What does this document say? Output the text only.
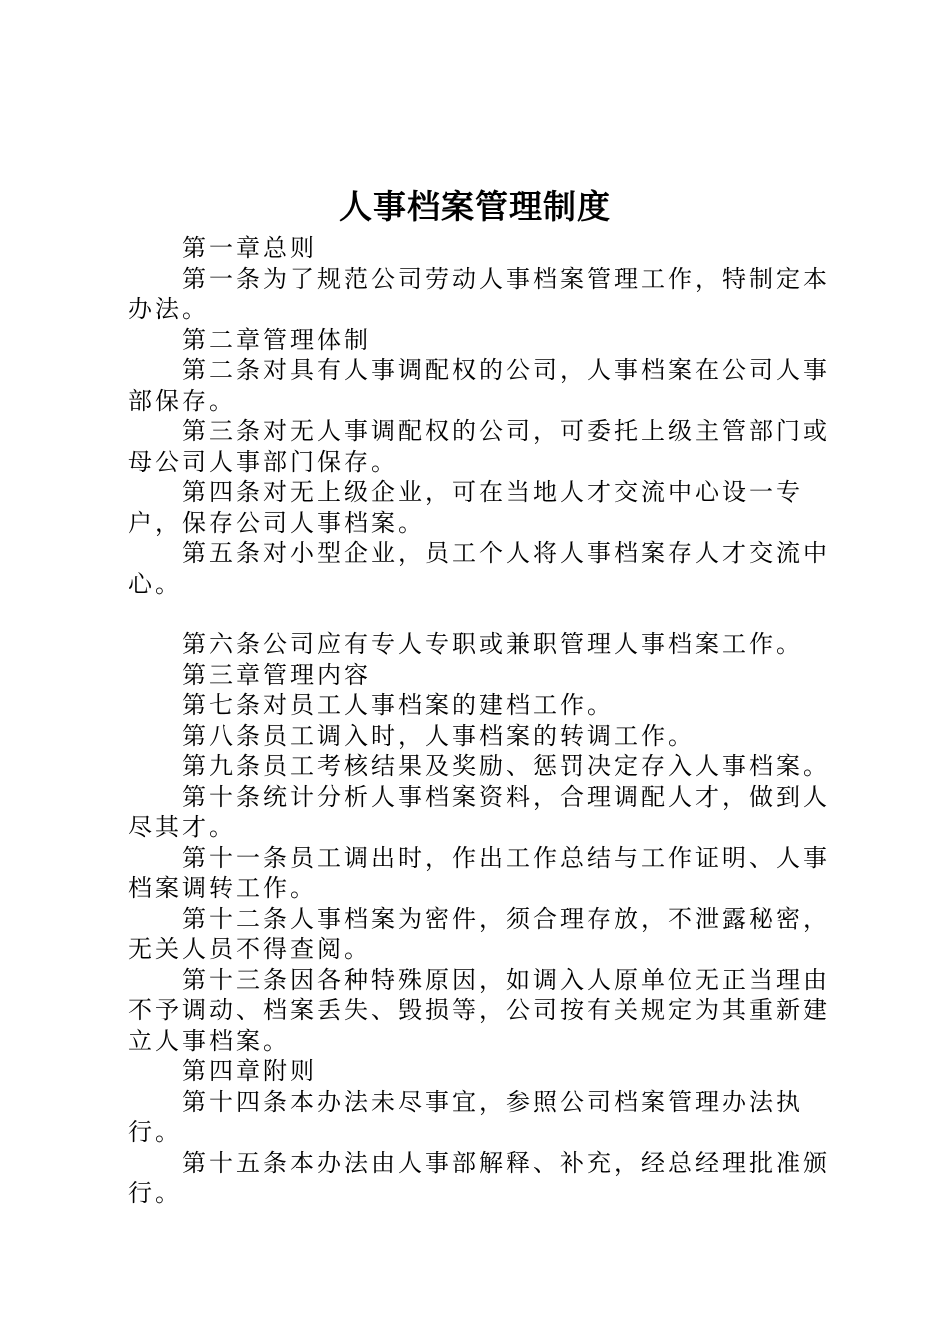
人事档案管理制度

第一章总则

第一条为了规范公司劳动人事档案管理工作，特制定本办法。

第二章管理体制

第二条对具有人事调配权的公司，人事档案在公司人事部保存。

第三条对无人事调配权的公司，可委托上级主管部门或母公司人事部门保存。

第四条对无上级企业，可在当地人才交流中心设一专户，保存公司人事档案。

第五条对小型企业，员工个人将人事档案存人才交流中心。

第六条公司应有专人专职或兼职管理人事档案工作。

第三章管理内容

第七条对员工人事档案的建档工作。

第八条员工调入时，人事档案的转调工作。

第九条员工考核结果及奖励、惩罚决定存入人事档案。

第十条统计分析人事档案资料，合理调配人才，做到人尽其才。

第十一条员工调出时，作出工作总结与工作证明、人事档案调转工作。

第十二条人事档案为密件，须合理存放，不泄露秘密，无关人员不得查阅。

第十三条因各种特殊原因，如调入人原单位无正当理由不予调动、档案丢失、毁损等，公司按有关规定为其重新建立人事档案。

第四章附则

第十四条本办法未尽事宜，参照公司档案管理办法执行。

第十五条本办法由人事部解释、补充，经总经理批准颁行。
